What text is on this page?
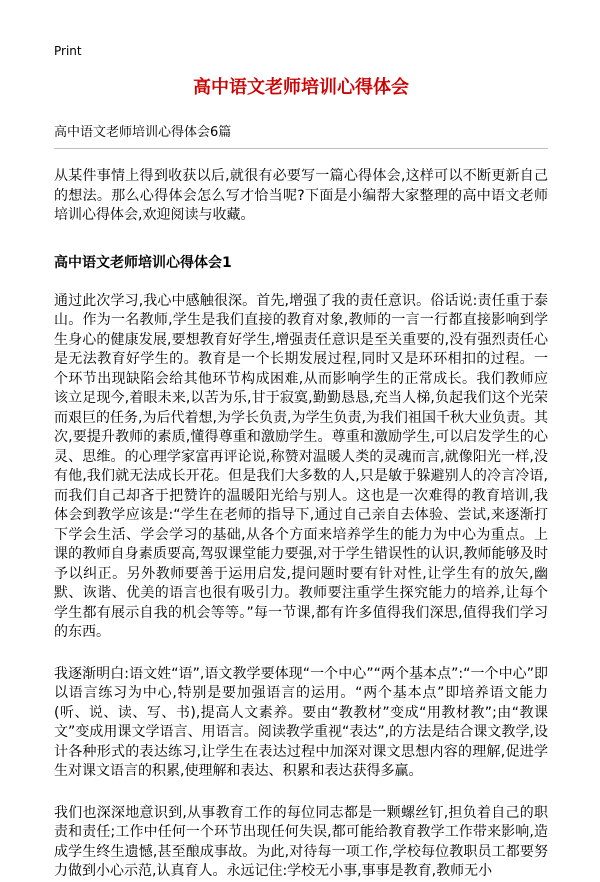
Print
高中语文老师培训心得体会
高中语文老师培训心得体会6篇

从某件事情上得到收获以后,就很有必要写一篇心得体会,这样可以不断更新自己的想法。那么心得体会怎么写才恰当呢?下面是小编帮大家整理的高中语文老师培训心得体会,欢迎阅读与收藏。

高中语文老师培训心得体会1

通过此次学习,我心中感触很深。首先,增强了我的责任意识。俗话说:责任重于泰山。作为一名教师,学生是我们直接的教育对象,教师的一言一行都直接影响到学生身心的健康发展,要想教育好学生,增强责任意识是至关重要的,没有强烈责任心是无法教育好学生的。教育是一个长期发展过程,同时又是环环相扣的过程。一个环节出现缺陷会给其他环节构成困难,从而影响学生的正常成长。我们教师应该立足现今,着眼未来,以苦为乐,甘于寂寞,勤勤恳恳,充当人梯,负起我们这个光荣而艰巨的任务,为后代着想,为学长负责,为学生负责,为我们祖国千秋大业负责。其次,要提升教师的素质,懂得尊重和激励学生。尊重和激励学生,可以启发学生的心灵、思维。的心理学家富再评论说,称赞对温暖人类的灵魂而言,就像阳光一样,没有他,我们就无法成长开花。但是我们大多数的人,只是敏于躲避别人的冷言冷语,而我们自己却吝于把赞许的温暖阳光给与别人。这也是一次难得的教育培训,我体会到教学应该是:“学生在老师的指导下,通过自己亲自去体验、尝试,来逐渐打下学会生活、学会学习的基础,从各个方面来培养学生的能力为中心为重点。上课的教师自身素质要高,驾驭课堂能力要强,对于学生错误性的认识,教师能够及时予以纠正。另外教师要善于运用启发,提问题时要有针对性,让学生有的放矢,幽默、诙谐、优美的语言也很有吸引力。教师要注重学生探究能力的培养,让每个学生都有展示自我的机会等等。”每一节课,都有许多值得我们深思,值得我们学习的东西。

我逐渐明白:语文姓“语”,语文教学要体现“一个中心”“两个基本点”:“一个中心”即以语言练习为中心,特别是要加强语言的运用。“两个基本点”即培养语文能力(听、说、读、写、书),提高人文素养。要由“教教材”变成“用教材教”;由“教课文”变成用课文学语言、用语言。阅读教学重视“表达”,的方法是结合课文教学,设计各种形式的表达练习,让学生在表达过程中加深对课文思想内容的理解,促进学生对课文语言的积累,使理解和表达、积累和表达获得多赢。

我们也深深地意识到,从事教育工作的每位同志都是一颗螺丝钉,担负着自己的职责和责任;工作中任何一个环节出现任何失误,都可能给教育教学工作带来影响,造成学生终生遗憾,甚至酿成事故。为此,对待每一项工作,学校每位教职员工都要努力做到小心示范,认真育人。永远记住:学校无小事,事事是教育,教师无小
